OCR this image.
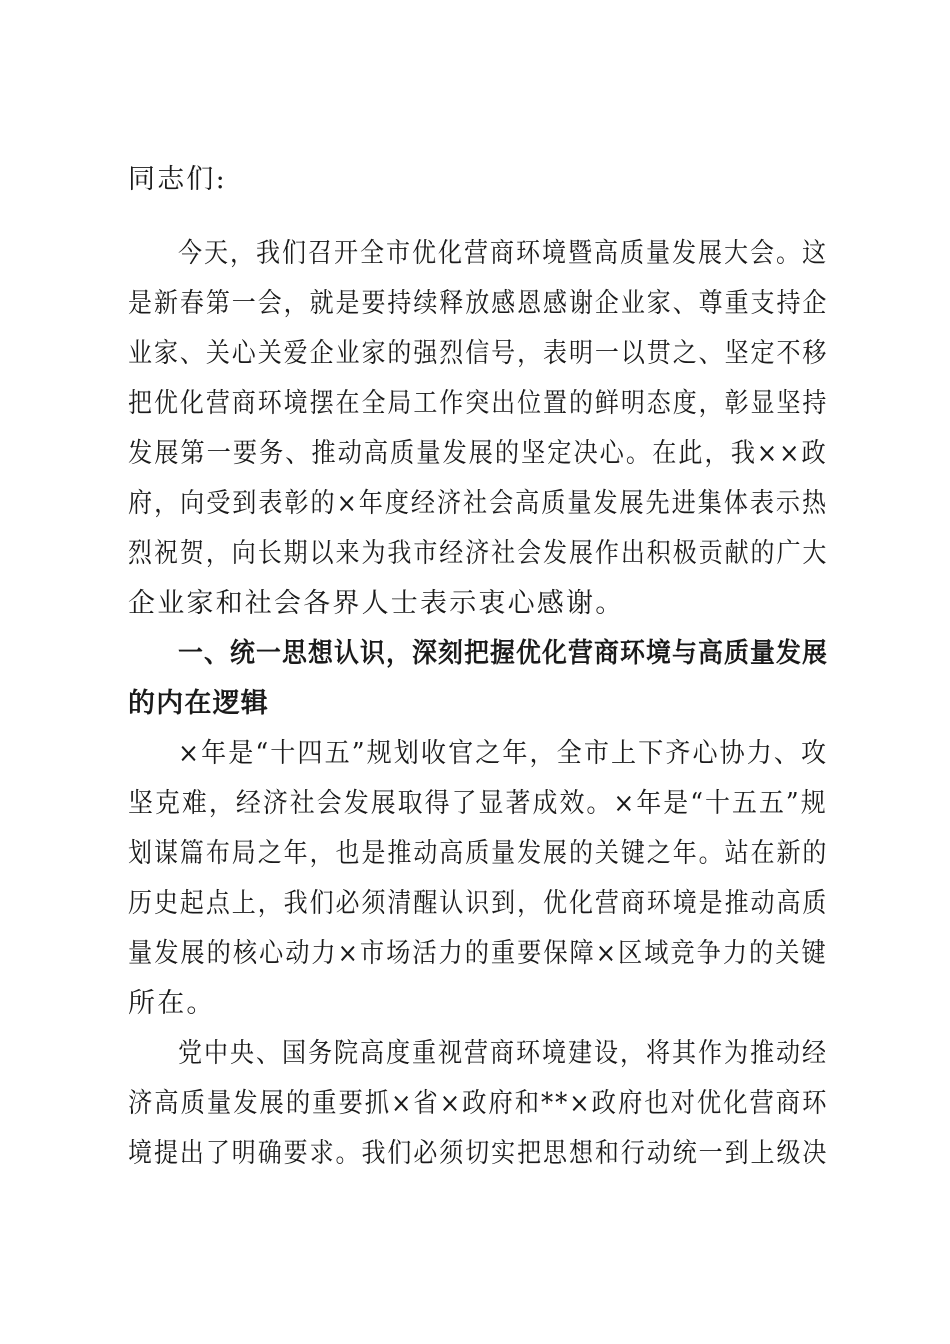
同志们:
今天，我们召开全市优化营商环境暨高质量发展大会。这
是新春第一会，就是要持续释放感恩感谢企业家、尊重支持企
业家、关心关爱企业家的强烈信号，表明一以贯之、坚定不移
把优化营商环境摆在全局工作突出位置的鲜明态度，彰显坚持
发展第一要务、推动高质量发展的坚定决心。在此，我××政
府，向受到表彰的×年度经济社会高质量发展先进集体表示热
烈祝贺，向长期以来为我市经济社会发展作出积极贡献的广大
企业家和社会各界人士表示衷心感谢。
一、统一思想认识，深刻把握优化营商环境与高质量发展
的内在逻辑
×年是“十四五”规划收官之年，全市上下齐心协力、攻
坚克难，经济社会发展取得了显著成效。×年是“十五五”规
划谋篇布局之年，也是推动高质量发展的关键之年。站在新的
历史起点上，我们必须清醒认识到，优化营商环境是推动高质
量发展的核心动力×市场活力的重要保障×区域竞争力的关键
所在。
党中央、国务院高度重视营商环境建设，将其作为推动经
济高质量发展的重要抓×省×政府和**×政府也对优化营商环
境提出了明确要求。我们必须切实把思想和行动统一到上级决
